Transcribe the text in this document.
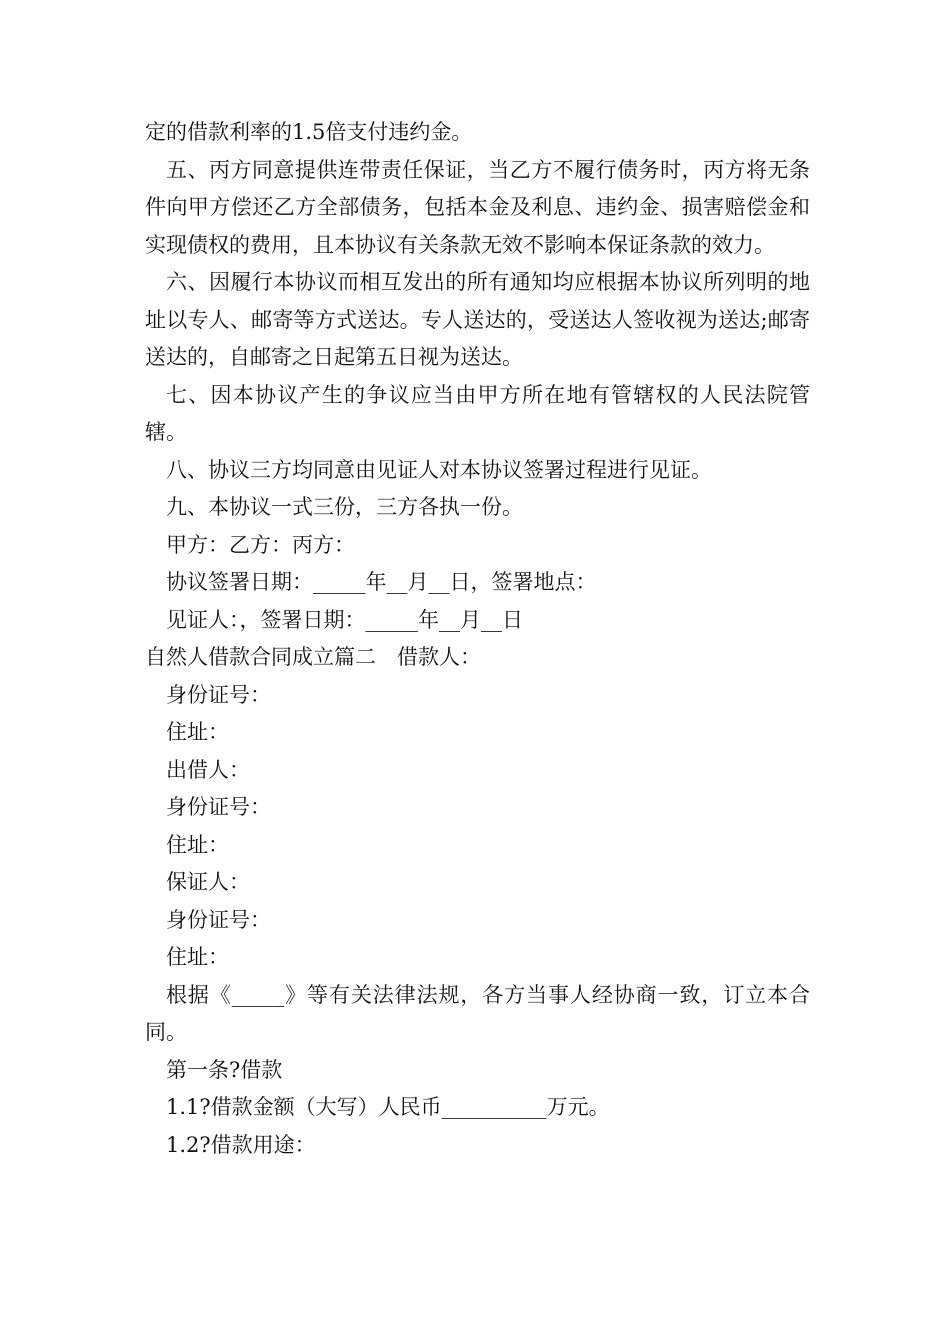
定的借款利率的1.5倍支付违约金。

五、丙方同意提供连带责任保证，当乙方不履行债务时，丙方将无条件向甲方偿还乙方全部债务，包括本金及利息、违约金、损害赔偿金和实现债权的费用，且本协议有关条款无效不影响本保证条款的效力。

六、因履行本协议而相互发出的所有通知均应根据本协议所列明的地址以专人、邮寄等方式送达。专人送达的，受送达人签收视为送达;邮寄送达的，自邮寄之日起第五日视为送达。

七、因本协议产生的争议应当由甲方所在地有管辖权的人民法院管辖。

八、协议三方均同意由见证人对本协议签署过程进行见证。

九、本协议一式三份，三方各执一份。

甲方：乙方：丙方：

协议签署日期：_____年__月__日，签署地点：

见证人：，签署日期：_____年__月__日

自然人借款合同成立篇二　借款人：

身份证号：

住址：

出借人：

身份证号：

住址：

保证人：

身份证号：

住址：

根据《_____》等有关法律法规，各方当事人经协商一致，订立本合同。

第一条?借款

1.1?借款金额（大写）人民币__________万元。

1.2?借款用途：
